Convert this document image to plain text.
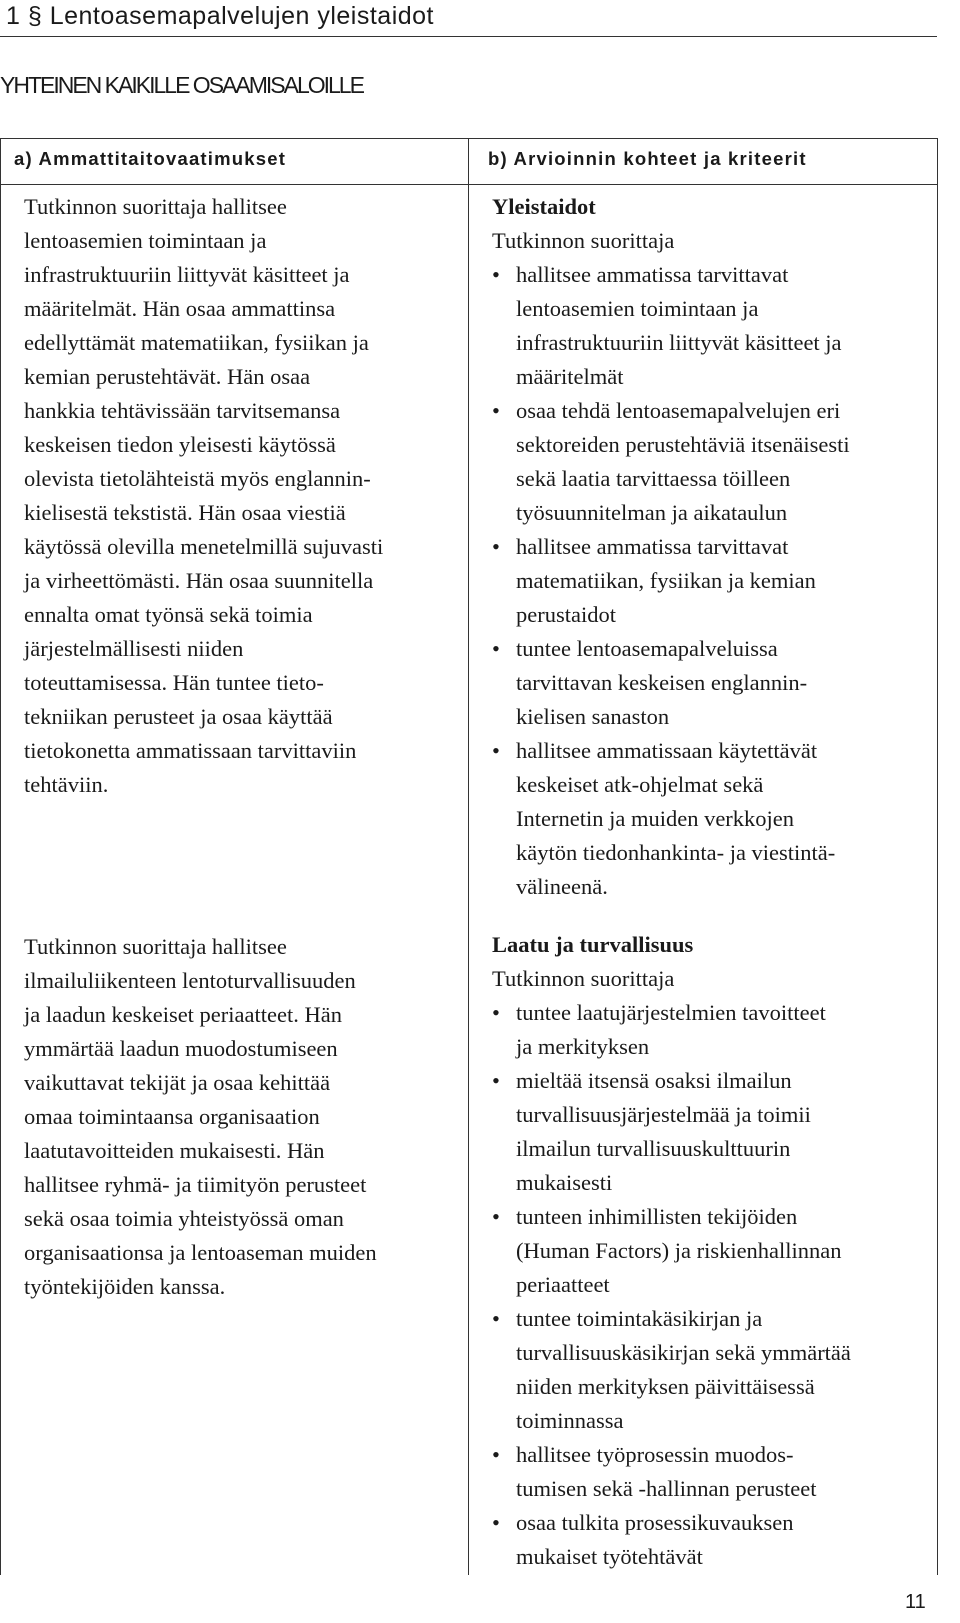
1 § Lentoasemapalvelujen yleistaidot
YHTEINEN KAIKILLE OSAAMISALOILLE
a) Ammattitaitovaatimukset	b) Arvioinnin kohteet ja kriteerit
Tutkinnon suorittaja hallitsee
lentoasemien toimintaan ja
infrastruktuuriin liittyvät käsitteet ja
määritelmät. Hän osaa ammattinsa
edellyttämät matematiikan, fysiikan ja
kemian perustehtävät. Hän osaa
hankkia tehtävissään tarvitsemansa
keskeisen tiedon yleisesti käytössä
olevista tietolähteistä myös englannin-
kielisestä tekstistä. Hän osaa viestiä
käytössä olevilla menetelmillä sujuvasti
ja virheettömästi. Hän osaa suunnitella
ennalta omat työnsä sekä toimia
järjestelmällisesti niiden
toteuttamisessa. Hän tuntee tieto-
tekniikan perusteet ja osaa käyttää
tietokonetta ammatissaan tarvittaviin
tehtäviin.
Tutkinnon suorittaja hallitsee
ilmailuliikenteen lentoturvallisuuden
ja laadun keskeiset periaatteet. Hän
ymmärtää laadun muodostumiseen
vaikuttavat tekijät ja osaa kehittää
omaa toimintaansa organisaation
laatutavoitteiden mukaisesti. Hän
hallitsee ryhmä- ja tiimityön perusteet
sekä osaa toimia yhteistyössä oman
organisaationsa ja lentoaseman muiden
työntekijöiden kanssa.
Yleistaidot
Tutkinnon suorittaja
• hallitsee ammatissa tarvittavat
lentoasemien toimintaan ja
infrastruktuuriin liittyvät käsitteet ja
määritelmät
• osaa tehdä lentoasemapalvelujen eri
sektoreiden perustehtäviä itsenäisesti
sekä laatia tarvittaessa töilleen
työsuunnitelman ja aikataulun
• hallitsee ammatissa tarvittavat
matematiikan, fysiikan ja kemian
perustaidot
• tuntee lentoasemapalveluissa
tarvittavan keskeisen englannin-
kielisen sanaston
• hallitsee ammatissaan käytettävät
keskeiset atk-ohjelmat sekä
Internetin ja muiden verkkojen
käytön tiedonhankinta- ja viestintä-
välineenä.
Laatu ja turvallisuus
Tutkinnon suorittaja
• tuntee laatujärjestelmien tavoitteet
ja merkityksen
• mieltää itsensä osaksi ilmailun
turvallisuusjärjestelmää ja toimii
ilmailun turvallisuuskulttuurin
mukaisesti
• tunteen inhimillisten tekijöiden
(Human Factors) ja riskienhallinnan
periaatteet
• tuntee toimintakäsikirjan ja
turvallisuuskäsikirjan sekä ymmärtää
niiden merkityksen päivittäisessä
toiminnassa
• hallitsee työprosessin muodos-
tumisen sekä -hallinnan perusteet
• osaa tulkita prosessikuvauksen
mukaiset työtehtävät
11
